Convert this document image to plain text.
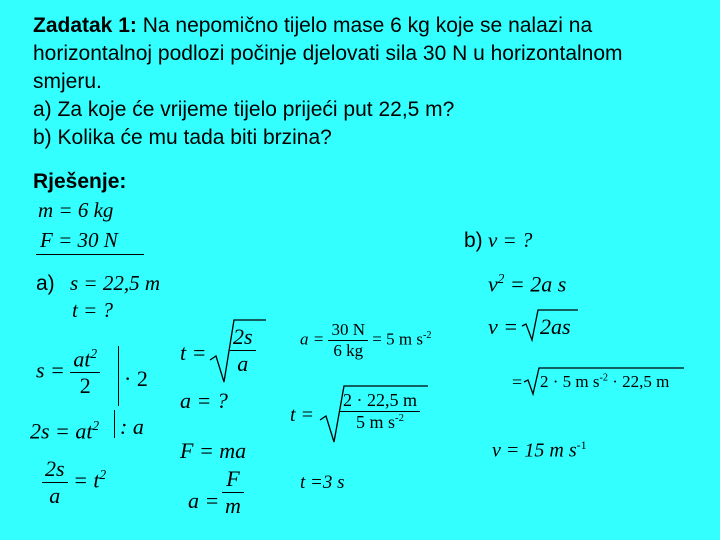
Zadatak 1: Na nepomično tijelo mase 6 kg koje se nalazi na
horizontalnoj podlozi počinje djelovati sila 30 N u horizontalnom
smjeru.
a) Za koje će vrijeme tijelo prijeći put 22,5 m?
b) Kolika će mu tada biti brzina?
Rješenje:
m = 6 kg
F = 30 N	b) v = ?
a) s = 22,5 m
t = ?
$s = \frac{at^2}{2} \cdot 2$
$2s = at^2$ : a
$\frac{2s}{a} = t^2$
$t = \frac{2s}{a}$
a = ?
F = ma
$a = \frac{F}{m}$
$a = \frac{30 N}{6 kg} = 5$ m $s^{-2}$
$t = \frac{2 \cdot 22,5 m}{5 m s^{-2}}$
t =3 s
$v^2 = 2a$ s
v = 2as
= 2 · 5 m $s^{-2} \cdot 22,5$ m
v = 15 m $s^{-1}$
